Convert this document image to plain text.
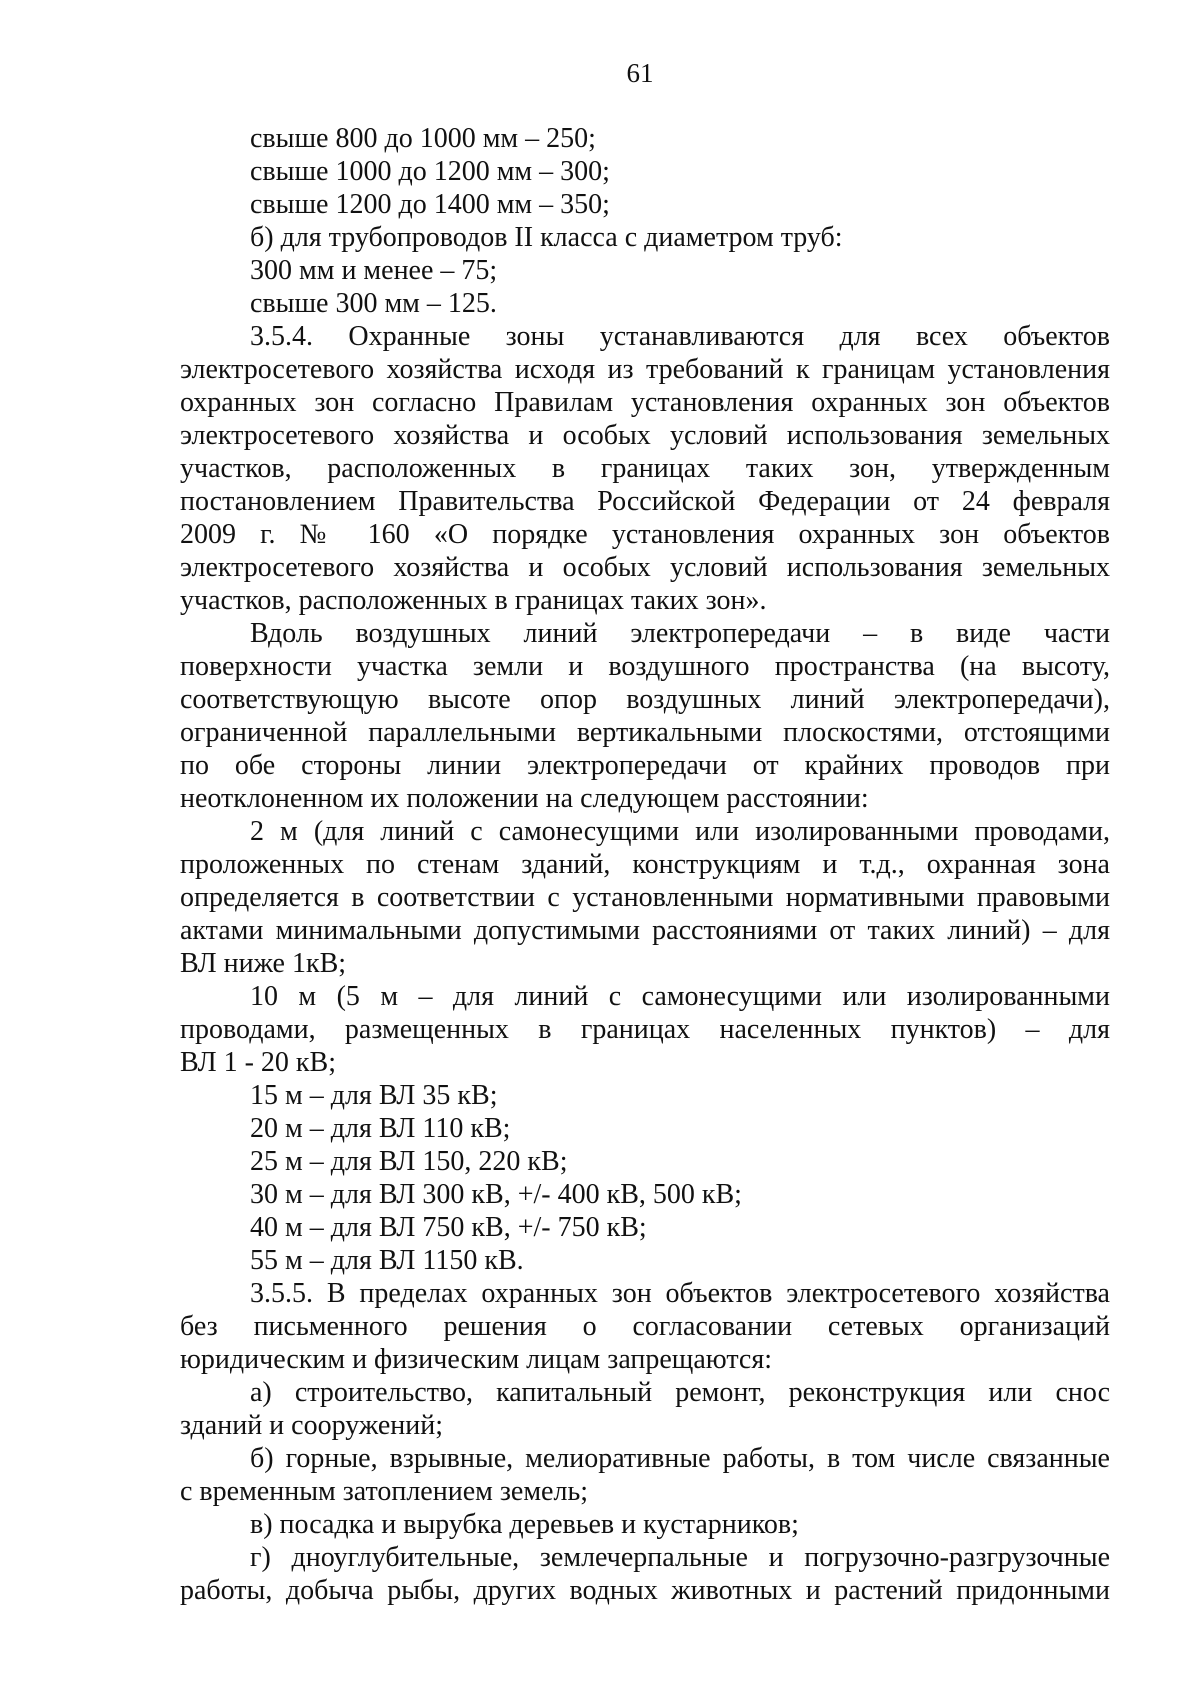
61
свыше 800 до 1000 мм – 250;
свыше 1000 до 1200 мм – 300;
свыше 1200 до 1400 мм – 350;
б) для трубопроводов II класса с диаметром труб:
300 мм и менее – 75;
свыше 300 мм – 125.
3.5.4. Охранные зоны устанавливаются для всех объектов
электросетевого хозяйства исходя из требований к границам установления
охранных зон согласно Правилам установления охранных зон объектов
электросетевого хозяйства и особых условий использования земельных
участков, расположенных в границах таких зон, утвержденным
постановлением Правительства Российской Федерации от 24 февраля
2009 г. № 160 «О порядке установления охранных зон объектов
электросетевого хозяйства и особых условий использования земельных
участков, расположенных в границах таких зон».
Вдоль воздушных линий электропередачи – в виде части
поверхности участка земли и воздушного пространства (на высоту,
соответствующую высоте опор воздушных линий электропередачи),
ограниченной параллельными вертикальными плоскостями, отстоящими
по обе стороны линии электропередачи от крайних проводов при
неотклоненном их положении на следующем расстоянии:
2 м (для линий с самонесущими или изолированными проводами,
проложенных по стенам зданий, конструкциям и т.д., охранная зона
определяется в соответствии с установленными нормативными правовыми
актами минимальными допустимыми расстояниями от таких линий) – для
ВЛ ниже 1кВ;
10 м (5 м – для линий с самонесущими или изолированными
проводами, размещенных в границах населенных пунктов) – для
ВЛ 1 - 20 кВ;
15 м – для ВЛ 35 кВ;
20 м – для ВЛ 110 кВ;
25 м – для ВЛ 150, 220 кВ;
30 м – для ВЛ 300 кВ, +/- 400 кВ, 500 кВ;
40 м – для ВЛ 750 кВ, +/- 750 кВ;
55 м – для ВЛ 1150 кВ.
3.5.5. В пределах охранных зон объектов электросетевого хозяйства
без письменного решения о согласовании сетевых организаций
юридическим и физическим лицам запрещаются:
а) строительство, капитальный ремонт, реконструкция или снос
зданий и сооружений;
б) горные, взрывные, мелиоративные работы, в том числе связанные
с временным затоплением земель;
в) посадка и вырубка деревьев и кустарников;
г) дноуглубительные, землечерпальные и погрузочно-разгрузочные
работы, добыча рыбы, других водных животных и растений придонными
